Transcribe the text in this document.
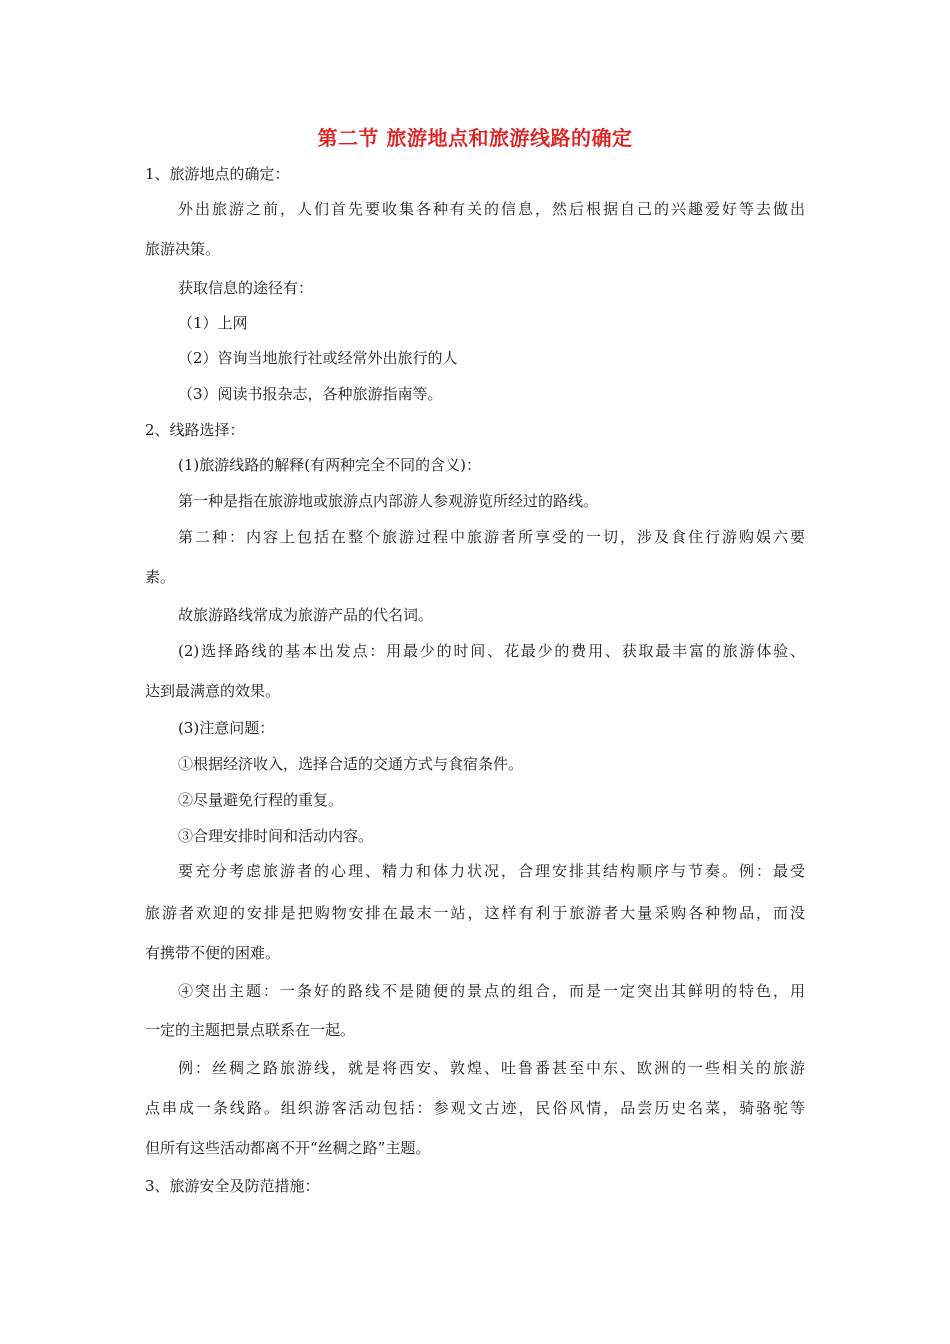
第二节 旅游地点和旅游线路的确定
1、旅游地点的确定：
外出旅游之前，人们首先要收集各种有关的信息，然后根据自己的兴趣爱好等去做出
旅游决策。
获取信息的途径有：
（1）上网
（2）咨询当地旅行社或经常外出旅行的人
（3）阅读书报杂志，各种旅游指南等。
2、线路选择：
(1)旅游线路的解释(有两种完全不同的含义)：
第一种是指在旅游地或旅游点内部游人参观游览所经过的路线。
第二种：内容上包括在整个旅游过程中旅游者所享受的一切，涉及食住行游购娱六要
素。
故旅游路线常成为旅游产品的代名词。
(2)选择路线的基本出发点：用最少的时间、花最少的费用、获取最丰富的旅游体验、
达到最满意的效果。
(3)注意问题：
①根据经济收入，选择合适的交通方式与食宿条件。
②尽量避免行程的重复。
③合理安排时间和活动内容。
要充分考虑旅游者的心理、精力和体力状况，合理安排其结构顺序与节奏。例：最受
旅游者欢迎的安排是把购物安排在最末一站，这样有利于旅游者大量采购各种物品，而没
有携带不便的困难。
④突出主题：一条好的路线不是随便的景点的组合，而是一定突出其鲜明的特色，用
一定的主题把景点联系在一起。
例：丝稠之路旅游线，就是将西安、敦煌、吐鲁番甚至中东、欧洲的一些相关的旅游
点串成一条线路。组织游客活动包括：参观文古迹，民俗风情，品尝历史名菜，骑骆驼等
但所有这些活动都离不开“丝稠之路”主题。
3、旅游安全及防范措施：
